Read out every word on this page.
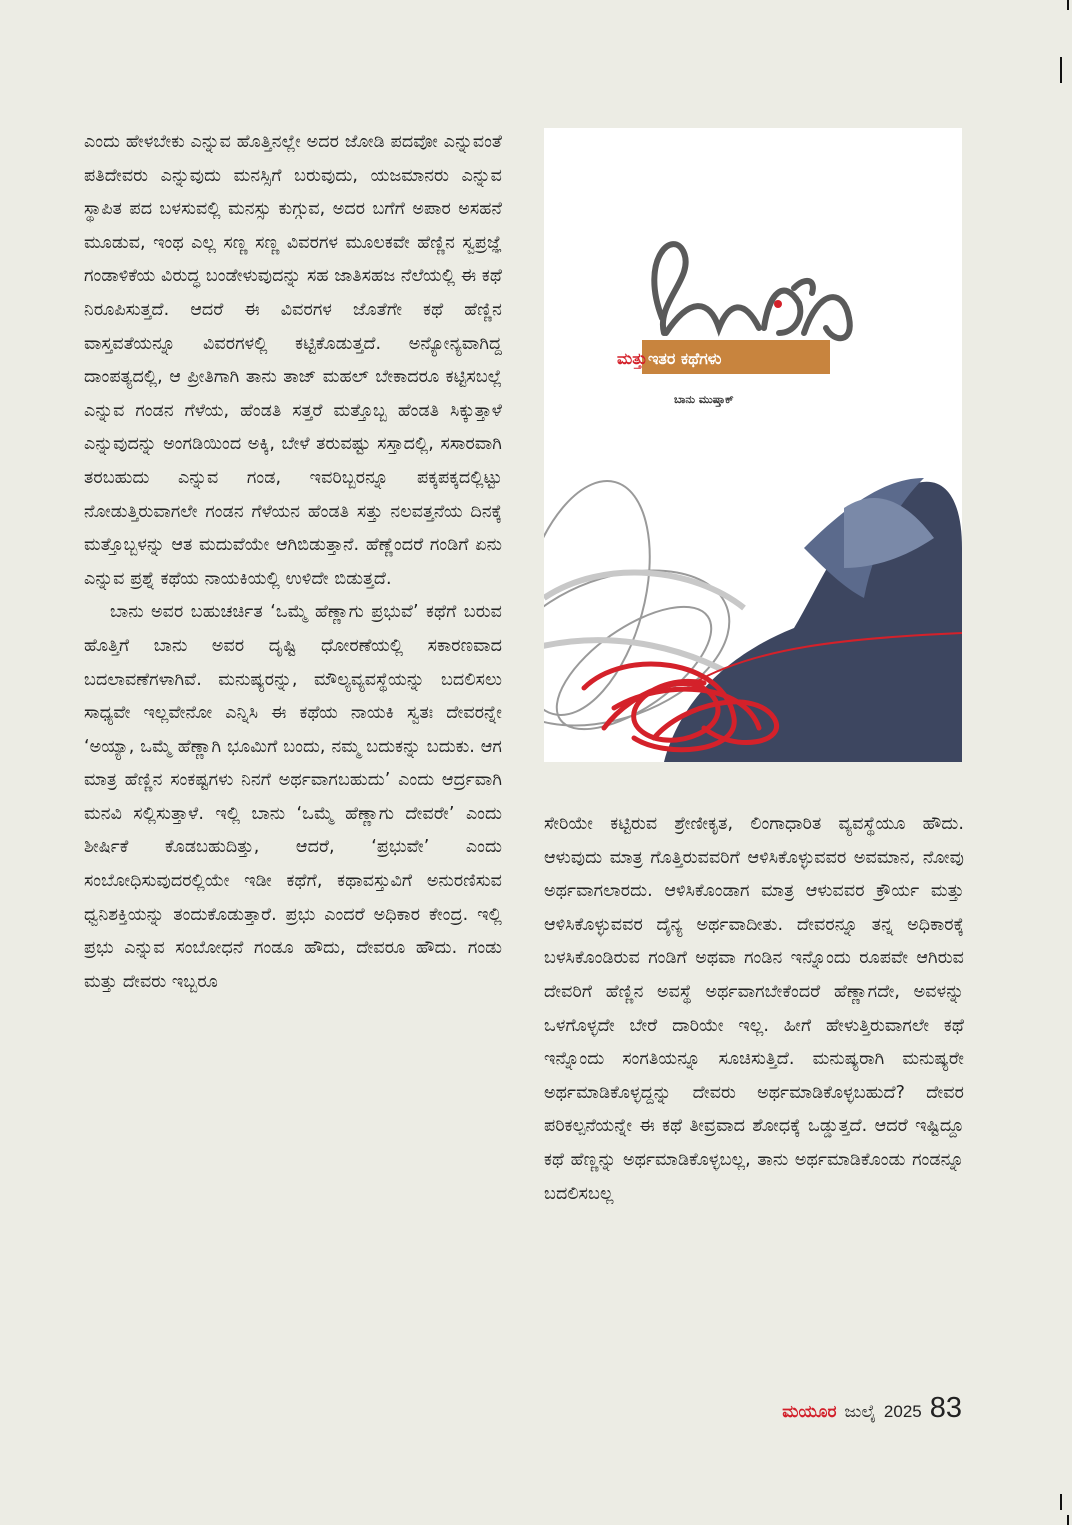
ಎಂದು ಹೇಳಬೇಕು ಎನ್ನುವ ಹೊತ್ತಿನಲ್ಲೇ ಅದರ ಜೋಡಿ ಪದವೋ ಎನ್ನುವಂತೆ ಪತಿದೇವರು ಎನ್ನುವುದು ಮನಸ್ಸಿಗೆ ಬರುವುದು, ಯಜಮಾನರು ಎನ್ನುವ ಸ್ಥಾಪಿತ ಪದ ಬಳಸುವಲ್ಲಿ ಮನಸ್ಸು ಕುಗ್ಗುವ, ಅದರ ಬಗೆಗೆ ಅಪಾರ ಅಸಹನೆ ಮೂಡುವ, ಇಂಥ ಎಲ್ಲ ಸಣ್ಣ ಸಣ್ಣ ವಿವರಗಳ ಮೂಲಕವೇ ಹೆಣ್ಣಿನ ಸ್ವಪ್ರಜ್ಞೆ ಗಂಡಾಳಿಕೆಯ ವಿರುದ್ಧ ಬಂಡೇಳುವುದನ್ನು ಸಹ ಜಾತಿಸಹಜ ನೆಲೆಯಲ್ಲಿ ಈ ಕಥೆ ನಿರೂಪಿಸುತ್ತದೆ. ಆದರೆ ಈ ವಿವರಗಳ ಜೊತೆಗೇ ಕಥೆ ಹೆಣ್ಣಿನ ವಾಸ್ತವತೆಯನ್ನೂ ವಿವರಗಳಲ್ಲಿ ಕಟ್ಟಿಕೊಡುತ್ತದೆ. ಅನ್ಯೋನ್ಯವಾಗಿದ್ದ ದಾಂಪತ್ಯದಲ್ಲಿ, ಆ ಪ್ರೀತಿಗಾಗಿ ತಾನು ತಾಜ್ ಮಹಲ್ ಬೇಕಾದರೂ ಕಟ್ಟಿಸಬಲ್ಲೆ ಎನ್ನುವ ಗಂಡನ ಗೆಳೆಯ, ಹೆಂಡತಿ ಸತ್ತರೆ ಮತ್ತೊಬ್ಬ ಹೆಂಡತಿ ಸಿಕ್ಕುತ್ತಾಳೆ ಎನ್ನುವುದನ್ನು ಅಂಗಡಿಯಿಂದ ಅಕ್ಕಿ, ಬೇಳೆ ತರುವಷ್ಟು ಸಸ್ತಾದಲ್ಲಿ, ಸಸಾರವಾಗಿ ತರಬಹುದು ಎನ್ನುವ ಗಂಡ, ಇವರಿಬ್ಬರನ್ನೂ ಪಕ್ಕಪಕ್ಕದಲ್ಲಿಟ್ಟು ನೋಡುತ್ತಿರುವಾಗಲೇ ಗಂಡನ ಗೆಳೆಯನ ಹೆಂಡತಿ ಸತ್ತು ನಲವತ್ತನೆಯ ದಿನಕ್ಕೆ ಮತ್ತೊಬ್ಬಳನ್ನು ಆತ ಮದುವೆಯೇ ಆಗಿಬಿಡುತ್ತಾನೆ. ಹೆಣ್ಣೆಂದರೆ ಗಂಡಿಗೆ ಏನು ಎನ್ನುವ ಪ್ರಶ್ನೆ ಕಥೆಯ ನಾಯಕಿಯಲ್ಲಿ ಉಳಿದೇ ಬಿಡುತ್ತದೆ.

ಬಾನು ಅವರ ಬಹುಚರ್ಚಿತ ‘ಒಮ್ಮೆ ಹೆಣ್ಣಾಗು ಪ್ರಭುವೆ’ ಕಥೆಗೆ ಬರುವ ಹೊತ್ತಿಗೆ ಬಾನು ಅವರ ದೃಷ್ಟಿ ಧೋರಣೆಯಲ್ಲಿ ಸಕಾರಣವಾದ ಬದಲಾವಣೆಗಳಾಗಿವೆ. ಮನುಷ್ಯರನ್ನು, ಮೌಲ್ಯವ್ಯವಸ್ಥೆಯನ್ನು ಬದಲಿಸಲು ಸಾಧ್ಯವೇ ಇಲ್ಲವೇನೋ ಎನ್ನಿಸಿ ಈ ಕಥೆಯ ನಾಯಕಿ ಸ್ವತಃ ದೇವರನ್ನೇ ‘ಅಯ್ಯಾ, ಒಮ್ಮೆ ಹೆಣ್ಣಾಗಿ ಭೂಮಿಗೆ ಬಂದು, ನಮ್ಮ ಬದುಕನ್ನು ಬದುಕು. ಆಗ ಮಾತ್ರ ಹೆಣ್ಣಿನ ಸಂಕಷ್ಟಗಳು ನಿನಗೆ ಅರ್ಥವಾಗಬಹುದು’ ಎಂದು ಆರ್ದ್ರವಾಗಿ ಮನವಿ ಸಲ್ಲಿಸುತ್ತಾಳೆ. ಇಲ್ಲಿ ಬಾನು ‘ಒಮ್ಮೆ ಹೆಣ್ಣಾಗು ದೇವರೇ’ ಎಂದು ಶೀರ್ಷಿಕೆ ಕೊಡಬಹುದಿತ್ತು, ಆದರೆ, ‘ಪ್ರಭುವೇ’ ಎಂದು ಸಂಬೋಧಿಸುವುದರಲ್ಲಿಯೇ ಇಡೀ ಕಥೆಗೆ, ಕಥಾವಸ್ತುವಿಗೆ ಅನುರಣಿಸುವ ಧ್ವನಿಶಕ್ತಿಯನ್ನು ತಂದುಕೊಡುತ್ತಾರೆ. ಪ್ರಭು ಎಂದರೆ ಅಧಿಕಾರ ಕೇಂದ್ರ. ಇಲ್ಲಿ ಪ್ರಭು ಎನ್ನುವ ಸಂಬೋಧನೆ ಗಂಡೂ ಹೌದು, ದೇವರೂ ಹೌದು. ಗಂಡು ಮತ್ತು ದೇವರು ಇಬ್ಬರೂ

ಮತ್ತು ಇತರ ಕಥೆಗಳು
ಬಾನು ಮುಷ್ತಾಕ್

ಸೇರಿಯೇ ಕಟ್ಟಿರುವ ಶ್ರೇಣೀಕೃತ, ಲಿಂಗಾಧಾರಿತ ವ್ಯವಸ್ಥೆಯೂ ಹೌದು. ಆಳುವುದು ಮಾತ್ರ ಗೊತ್ತಿರುವವರಿಗೆ ಆಳಿಸಿಕೊಳ್ಳುವವರ ಅವಮಾನ, ನೋವು ಅರ್ಥವಾಗಲಾರದು. ಆಳಿಸಿಕೊಂಡಾಗ ಮಾತ್ರ ಆಳುವವರ ಕ್ರೌರ್ಯ ಮತ್ತು ಆಳಿಸಿಕೊಳ್ಳುವವರ ದೈನ್ಯ ಅರ್ಥವಾದೀತು. ದೇವರನ್ನೂ ತನ್ನ ಅಧಿಕಾರಕ್ಕೆ ಬಳಸಿಕೊಂಡಿರುವ ಗಂಡಿಗೆ ಅಥವಾ ಗಂಡಿನ ಇನ್ನೊಂದು ರೂಪವೇ ಆಗಿರುವ ದೇವರಿಗೆ ಹೆಣ್ಣಿನ ಅವಸ್ಥೆ ಅರ್ಥವಾಗಬೇಕೆಂದರೆ ಹೆಣ್ಣಾಗದೇ, ಅವಳನ್ನು ಒಳಗೊಳ್ಳದೇ ಬೇರೆ ದಾರಿಯೇ ಇಲ್ಲ. ಹೀಗೆ ಹೇಳುತ್ತಿರುವಾಗಲೇ ಕಥೆ ಇನ್ನೊಂದು ಸಂಗತಿಯನ್ನೂ ಸೂಚಿಸುತ್ತಿದೆ. ಮನುಷ್ಯರಾಗಿ ಮನುಷ್ಯರೇ ಅರ್ಥಮಾಡಿಕೊಳ್ಳದ್ದನ್ನು ದೇವರು ಅರ್ಥಮಾಡಿಕೊಳ್ಳಬಹುದೆ? ದೇವರ ಪರಿಕಲ್ಪನೆಯನ್ನೇ ಈ ಕಥೆ ತೀವ್ರವಾದ ಶೋಧಕ್ಕೆ ಒಡ್ಡುತ್ತದೆ. ಆದರೆ ಇಷ್ಟಿದ್ದೂ ಕಥೆ ಹೆಣ್ಣನ್ನು ಅರ್ಥಮಾಡಿಕೊಳ್ಳಬಲ್ಲ, ತಾನು ಅರ್ಥಮಾಡಿಕೊಂಡು ಗಂಡನ್ನೂ ಬದಲಿಸಬಲ್ಲ

ಮಯೂರ ಜುಲೈ 2025 83
